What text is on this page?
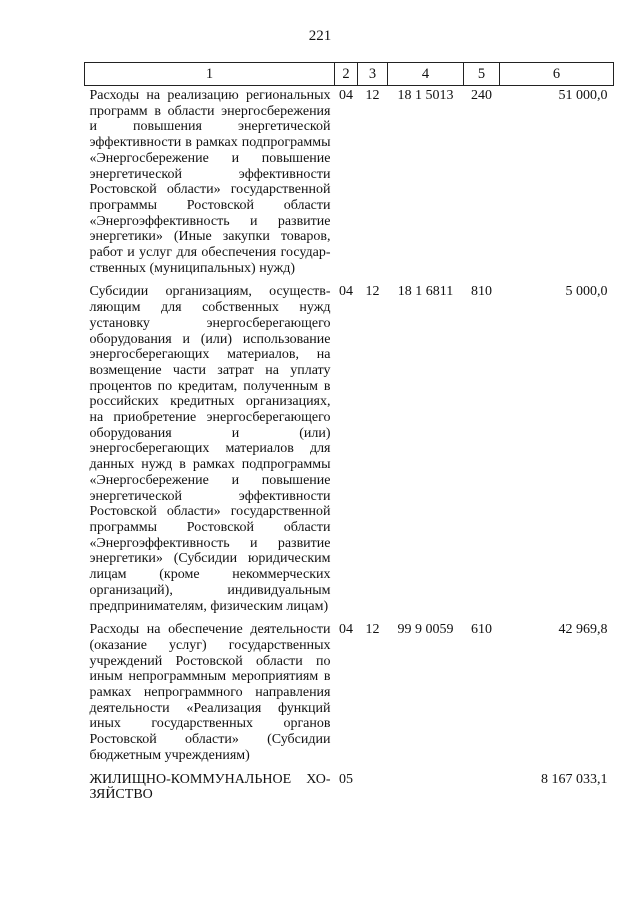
221
1	2	3	4	5	6
Расходы на реализацию региональных программ в области энергосбережения и повышения энергетической эффективности в рамках подпрограммы «Энергосбережение и повышение энергетической эффективности Ростовской области» государственной программы Ростовской области «Энергоэффективность и развитие энергетики» (Иные закупки товаров, работ и услуг для обеспечения государственных (муниципальных) нужд)	04	12	18 1 5013	240	51 000,0
Субсидии организациям, осуществляющим для собственных нужд установку энергосберегающего оборудования и (или) использование энергосберегающих материалов, на возмещение части затрат на уплату процентов по кредитам, полученным в российских кредитных организациях, на приобретение энергосберегающего оборудования и (или) энергосберегающих материалов для данных нужд в рамках подпрограммы «Энергосбережение и повышение энергетической эффективности Ростовской области» государственной программы Ростовской области «Энергоэффективность и развитие энергетики» (Субсидии юридическим лицам (кроме некоммерческих организаций), индивидуальным предпринимателям, физическим лицам)	04	12	18 1 6811	810	5 000,0
Расходы на обеспечение деятельности (оказание услуг) государственных учреждений Ростовской области по иным непрограммным мероприятиям в рамках непрограммного направления деятельности «Реализация функций иных государственных органов Ростовской области» (Субсидии бюджетным учреждениям)	04	12	99 9 0059	610	42 969,8
ЖИЛИЩНО-КОММУНАЛЬНОЕ ХОЗЯЙСТВО	05				8 167 033,1
